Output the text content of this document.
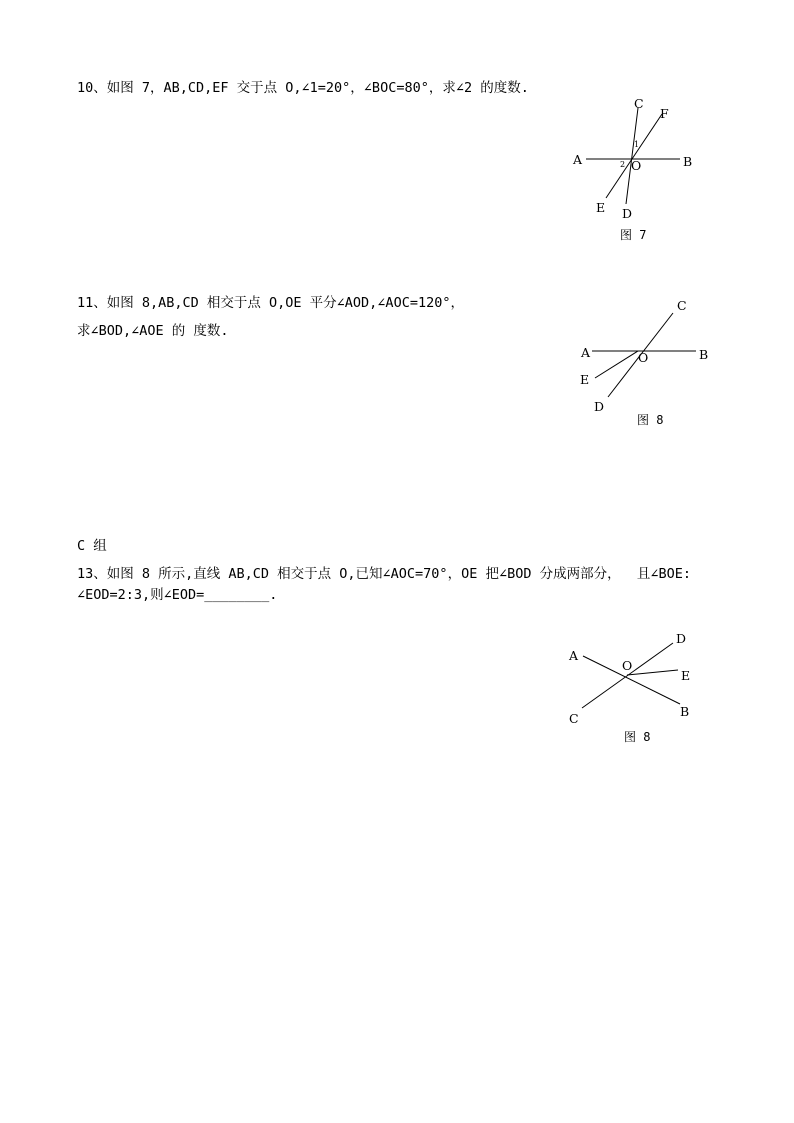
10、如图 7，AB,CD,EF 交于点 O,∠1=20°，∠BOC=80°，求∠2 的度数.
C
F
A	B
O
E D
1
2
图 7
11、如图 8,AB,CD 相交于点 O,OE 平分∠AOD,∠AOC=120°，
求∠BOD,∠AOE 的 度数.
C
A	O	B
E
D
图 8
C 组
13、如图 8 所示,直线 AB,CD 相交于点 O,已知∠AOC=70°，OE 把∠BOD 分成两部分，  且∠BOE:
∠EOD=2:3,则∠EOD=________.
D
A
O
E
C	B
图 8
